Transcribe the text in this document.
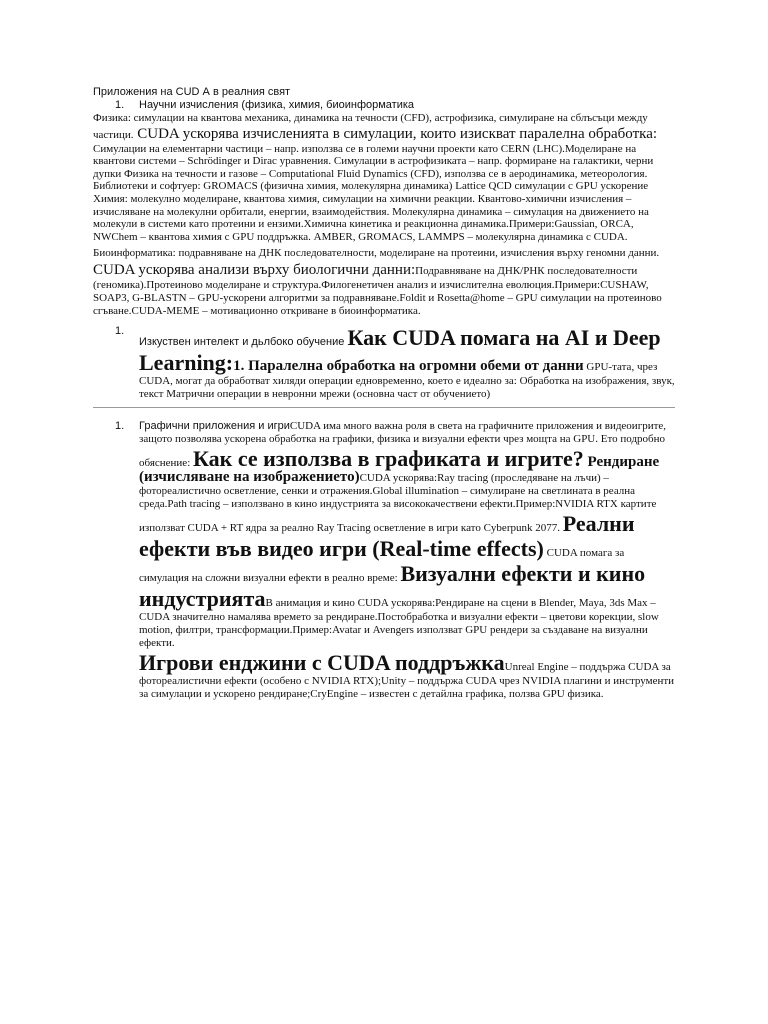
Приложения на CUD А в реалния свят
1. Научни изчисления (физика, химия, биоинформатика

Физика: симулации на квантова механика, динамика на течности (CFD), астрофизика, симулиране на сблъсъци между частици. CUDA ускорява изчисленията в симулации, които изискват паралелна обработка:

Симулации на елементарни частици – напр. използва се в големи научни проекти като CERN (LHC).Моделиране на квантови системи – Schrödinger и Dirac уравнения. Симулации в астрофизиката – напр. формиране на галактики, черни дупки Физика на течности и газове – Computational Fluid Dynamics (CFD), използва се в аеродинамика, метеорология. Библиотеки и софтуер: GROMACS (физична химия, молекулярна динамика) Lattice QCD симулации с GPU ускорение

Химия: молекулно моделиране, квантова химия, симулации на химични реакции. Квантово-химични изчисления – изчисляване на молекулни орбитали, енергии, взаимодействия. Молекулярна динамика – симулация на движението на молекули в системи като протеини и ензими.Химична кинетика и реакционна динамика.Примери:Gaussian, ORCA, NWChem – квантова химия с GPU поддръжка. AMBER, GROMACS, LAMMPS – молекулярна динамика с CUDA.

Биоинформатика: подравняване на ДНК последователности, моделиране на протеини, изчисления върху геномни данни. CUDA ускорява анализи върху биологични данни:Подравняване на ДНК/РНК последователности (геномика).Протеиново моделиране и структура.Филогенетичен анализ и изчислителна еволюция.Примери:CUSHAW, SOAP3, G-BLASTN – GPU-ускорени алгоритми за подравняване.Foldit и Rosetta@home – GPU симулации на протеиново сгъване.CUDA-MEME – мотивационно откриване в биоинформатика.

1.
Изкуствен интелект и дьлбоко обучение Как CUDA помага на AI и Deep Learning:1. Паралелна обработка на огромни обеми от данни GPU-тата, чрез CUDA, могат да обработват хиляди операции едновременно, което е идеално за: Обработка на изображения, звук, текст Матрични операции в невронни мрежи (основна част от обучението)
1. Графични приложения и игриCUDA има много важна роля в света на графичните приложения и видеоигрите, защото позволява ускорена обработка на графики, физика и визуални ефекти чрез мощта на GPU. Ето подробно обяснение: Как се използва в графиката и игрите? Рендиране (изчисляване на изображението)CUDA ускорява:Ray tracing (проследяване на лъчи) – фотореалистично осветление, сенки и отражения.Global illumination – симулиране на светлината в реална среда.Path tracing – използвано в кино индустрията за висококачествени ефекти.Пример:NVIDIA RTX картите използват CUDA + RT ядра за реално Ray Tracing осветление в игри като Cyberpunk 2077. Реални ефекти във видео игри (Real-time effects) CUDA помага за симулация на сложни визуални ефекти в реално време: Визуални ефекти и кино индустриятаВ анимация и кино CUDA ускорява:Рендиране на сцени в Blender, Maya, 3ds Max – CUDA значително намалява времето за рендиране.Постобработка и визуални ефекти – цветови корекции, slow motion, филтри, трансформации.Пример:Avatar и Avengers използват GPU рендери за създаване на визуални ефекти.
Игрови енджини с CUDA поддръжкаUnreal Engine – поддържа CUDA за фотореалистични ефекти (особено с NVIDIA RTX);Unity – поддържа CUDA чрез NVIDIA плагини и инструменти за симулации и ускорено рендиране;CryEngine – известен с детайлна графика, ползва GPU физика.
